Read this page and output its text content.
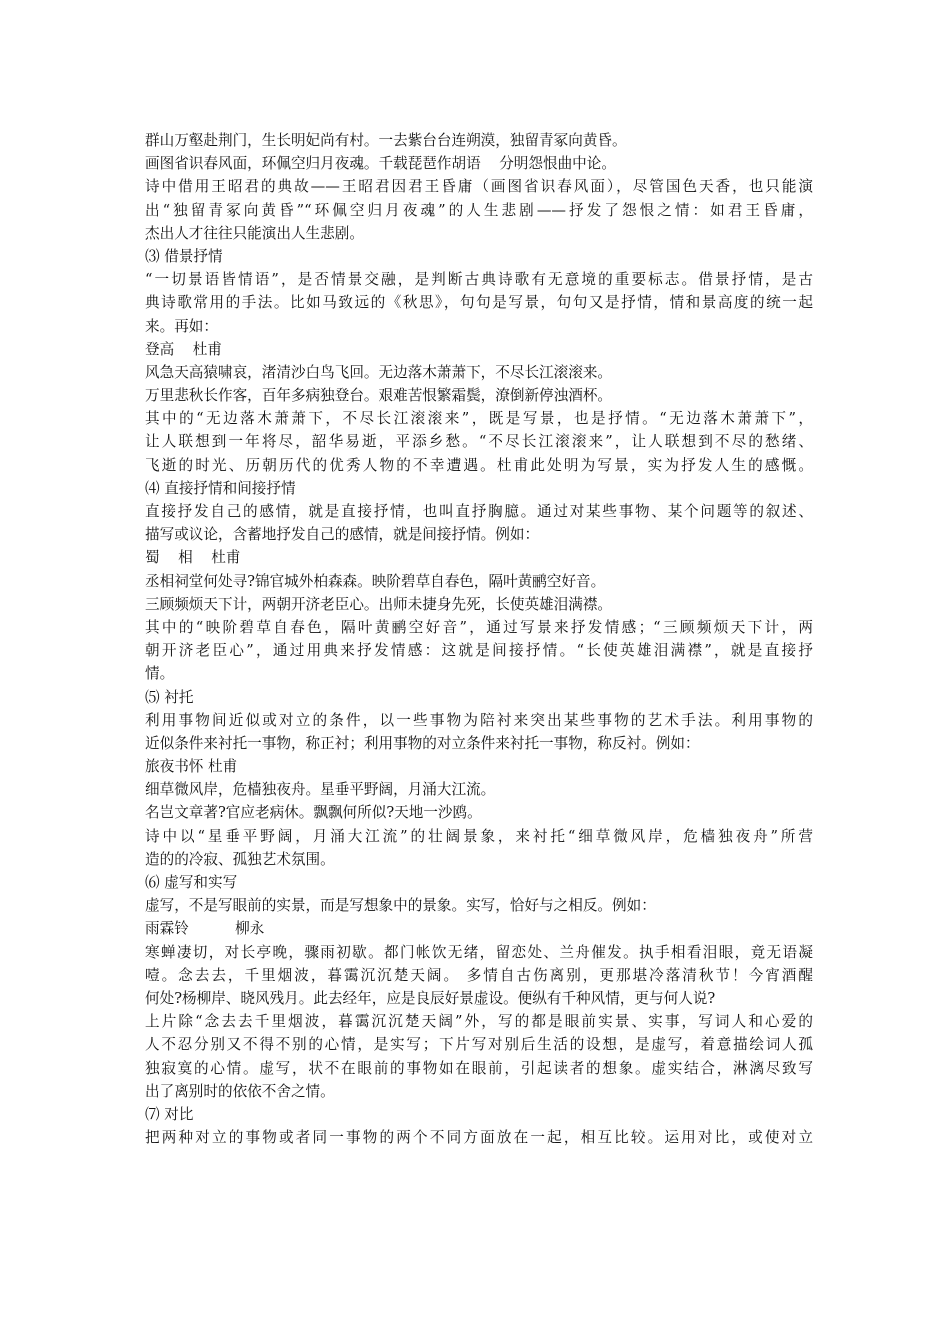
群山万壑赴荆门，生长明妃尚有村。一去紫台台连朔漠，独留青冢向黄昏。
画图省识春风面，环佩空归月夜魂。千载琵琶作胡语    分明怨恨曲中论。
诗中借用王昭君的典故——王昭君因君王昏庸（画图省识春风面），尽管国色天香，也只能演
出“独留青冢向黄昏”“环佩空归月夜魂”的人生悲剧——抒发了怨恨之情：如君王昏庸，
杰出人才往往只能演出人生悲剧。
⑶ 借景抒情
“一切景语皆情语”，是否情景交融，是判断古典诗歌有无意境的重要标志。借景抒情，是古
典诗歌常用的手法。比如马致远的《秋思》，句句是写景，句句又是抒情，情和景高度的统一起
来。再如：
登高    杜甫
风急天高猿啸哀，渚清沙白鸟飞回。无边落木萧萧下，不尽长江滚滚来。
万里悲秋长作客，百年多病独登台。艰难苦恨繁霜鬓，潦倒新停浊酒杯。
其中的“无边落木萧萧下，不尽长江滚滚来”，既是写景，也是抒情。“无边落木萧萧下”，
让人联想到一年将尽，韶华易逝，平添乡愁。“不尽长江滚滚来”，让人联想到不尽的愁绪、
飞逝的时光、历朝历代的优秀人物的不幸遭遇。杜甫此处明为写景，实为抒发人生的感慨。
⑷ 直接抒情和间接抒情
直接抒发自己的感情，就是直接抒情，也叫直抒胸臆。通过对某些事物、某个问题等的叙述、
描写或议论，含蓄地抒发自己的感情，就是间接抒情。例如：
蜀    相    杜甫
丞相祠堂何处寻?锦官城外柏森森。映阶碧草自春色，隔叶黄鹂空好音。
三顾频烦天下计，两朝开济老臣心。出师未捷身先死，长使英雄泪满襟。
其中的“映阶碧草自春色，隔叶黄鹂空好音”，通过写景来抒发情感；“三顾频烦天下计，两
朝开济老臣心”，通过用典来抒发情感：这就是间接抒情。“长使英雄泪满襟”，就是直接抒
情。
⑸ 衬托
利用事物间近似或对立的条件，以一些事物为陪衬来突出某些事物的艺术手法。利用事物的
近似条件来衬托一事物，称正衬；利用事物的对立条件来衬托一事物，称反衬。例如：
旅夜书怀 杜甫
细草微风岸，危樯独夜舟。星垂平野阔，月涌大江流。
名岂文章著?官应老病休。飘飘何所似?天地一沙鸥。
诗中以“星垂平野阔，月涌大江流”的壮阔景象，来衬托“细草微风岸，危樯独夜舟”所营
造的的冷寂、孤独艺术氛围。
⑹ 虚写和实写
虚写，不是写眼前的实景，而是写想象中的景象。实写，恰好与之相反。例如：
雨霖铃          柳永
寒蝉凄切，对长亭晚，骤雨初歇。都门帐饮无绪，留恋处、兰舟催发。执手相看泪眼，竟无语凝
噎。念去去，千里烟波，暮霭沉沉楚天阔。 多情自古伤离别，更那堪冷落清秋节！今宵酒醒
何处?杨柳岸、晓风残月。此去经年，应是良辰好景虚设。便纵有千种风情，更与何人说?
上片除“念去去千里烟波，暮霭沉沉楚天阔”外，写的都是眼前实景、实事，写词人和心爱的
人不忍分别又不得不别的心情，是实写；下片写对别后生活的设想，是虚写，着意描绘词人孤
独寂寞的心情。虚写，状不在眼前的事物如在眼前，引起读者的想象。虚实结合，淋漓尽致写
出了离别时的依依不舍之情。
⑺ 对比
把两种对立的事物或者同一事物的两个不同方面放在一起，相互比较。运用对比，或使对立
